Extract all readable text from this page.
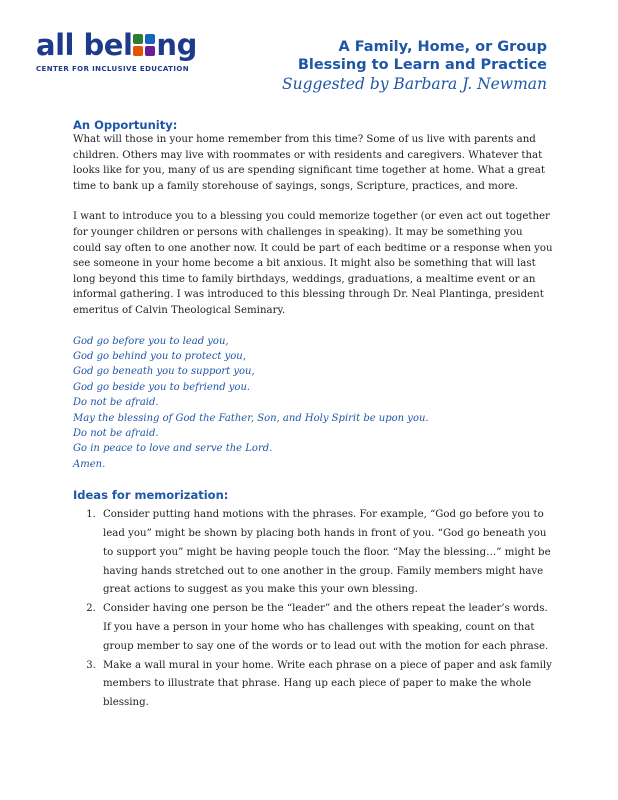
all bel ng
CENTER FOR INCLUSIVE EDUCATION
A Family, Home, or Group
Blessing to Learn and Practice
Suggested by Barbara J. Newman
An Opportunity:

What will those in your home remember from this time? Some of us live with parents and children. Others may live with roommates or with residents and caregivers. Whatever that looks like for you, many of us are spending significant time together at home. What a great time to bank up a family storehouse of sayings, songs, Scripture, practices, and more.

I want to introduce you to a blessing you could memorize together (or even act out together for younger children or persons with challenges in speaking). It may be something you could say often to one another now. It could be part of each bedtime or a response when you see someone in your home become a bit anxious. It might also be something that will last long beyond this time to family birthdays, weddings, graduations, a mealtime event or an informal gathering. I was introduced to this blessing through Dr. Neal Plantinga, president emeritus of Calvin Theological Seminary.

God go before you to lead you,
God go behind you to protect you,
God go beneath you to support you,
God go beside you to befriend you.
Do not be afraid.
May the blessing of God the Father, Son, and Holy Spirit be upon you.
Do not be afraid.
Go in peace to love and serve the Lord.
Amen.
Ideas for memorization:
1. Consider putting hand motions with the phrases. For example, “God go before you to lead you” might be shown by placing both hands in front of you. “God go beneath you to support you” might be having people touch the floor. “May the blessing…” might be having hands stretched out to one another in the group. Family members might have great actions to suggest as you make this your own blessing.
2. Consider having one person be the “leader” and the others repeat the leader’s words. If you have a person in your home who has challenges with speaking, count on that group member to say one of the words or to lead out with the motion for each phrase.
3. Make a wall mural in your home. Write each phrase on a piece of paper and ask family members to illustrate that phrase. Hang up each piece of paper to make the whole blessing.
